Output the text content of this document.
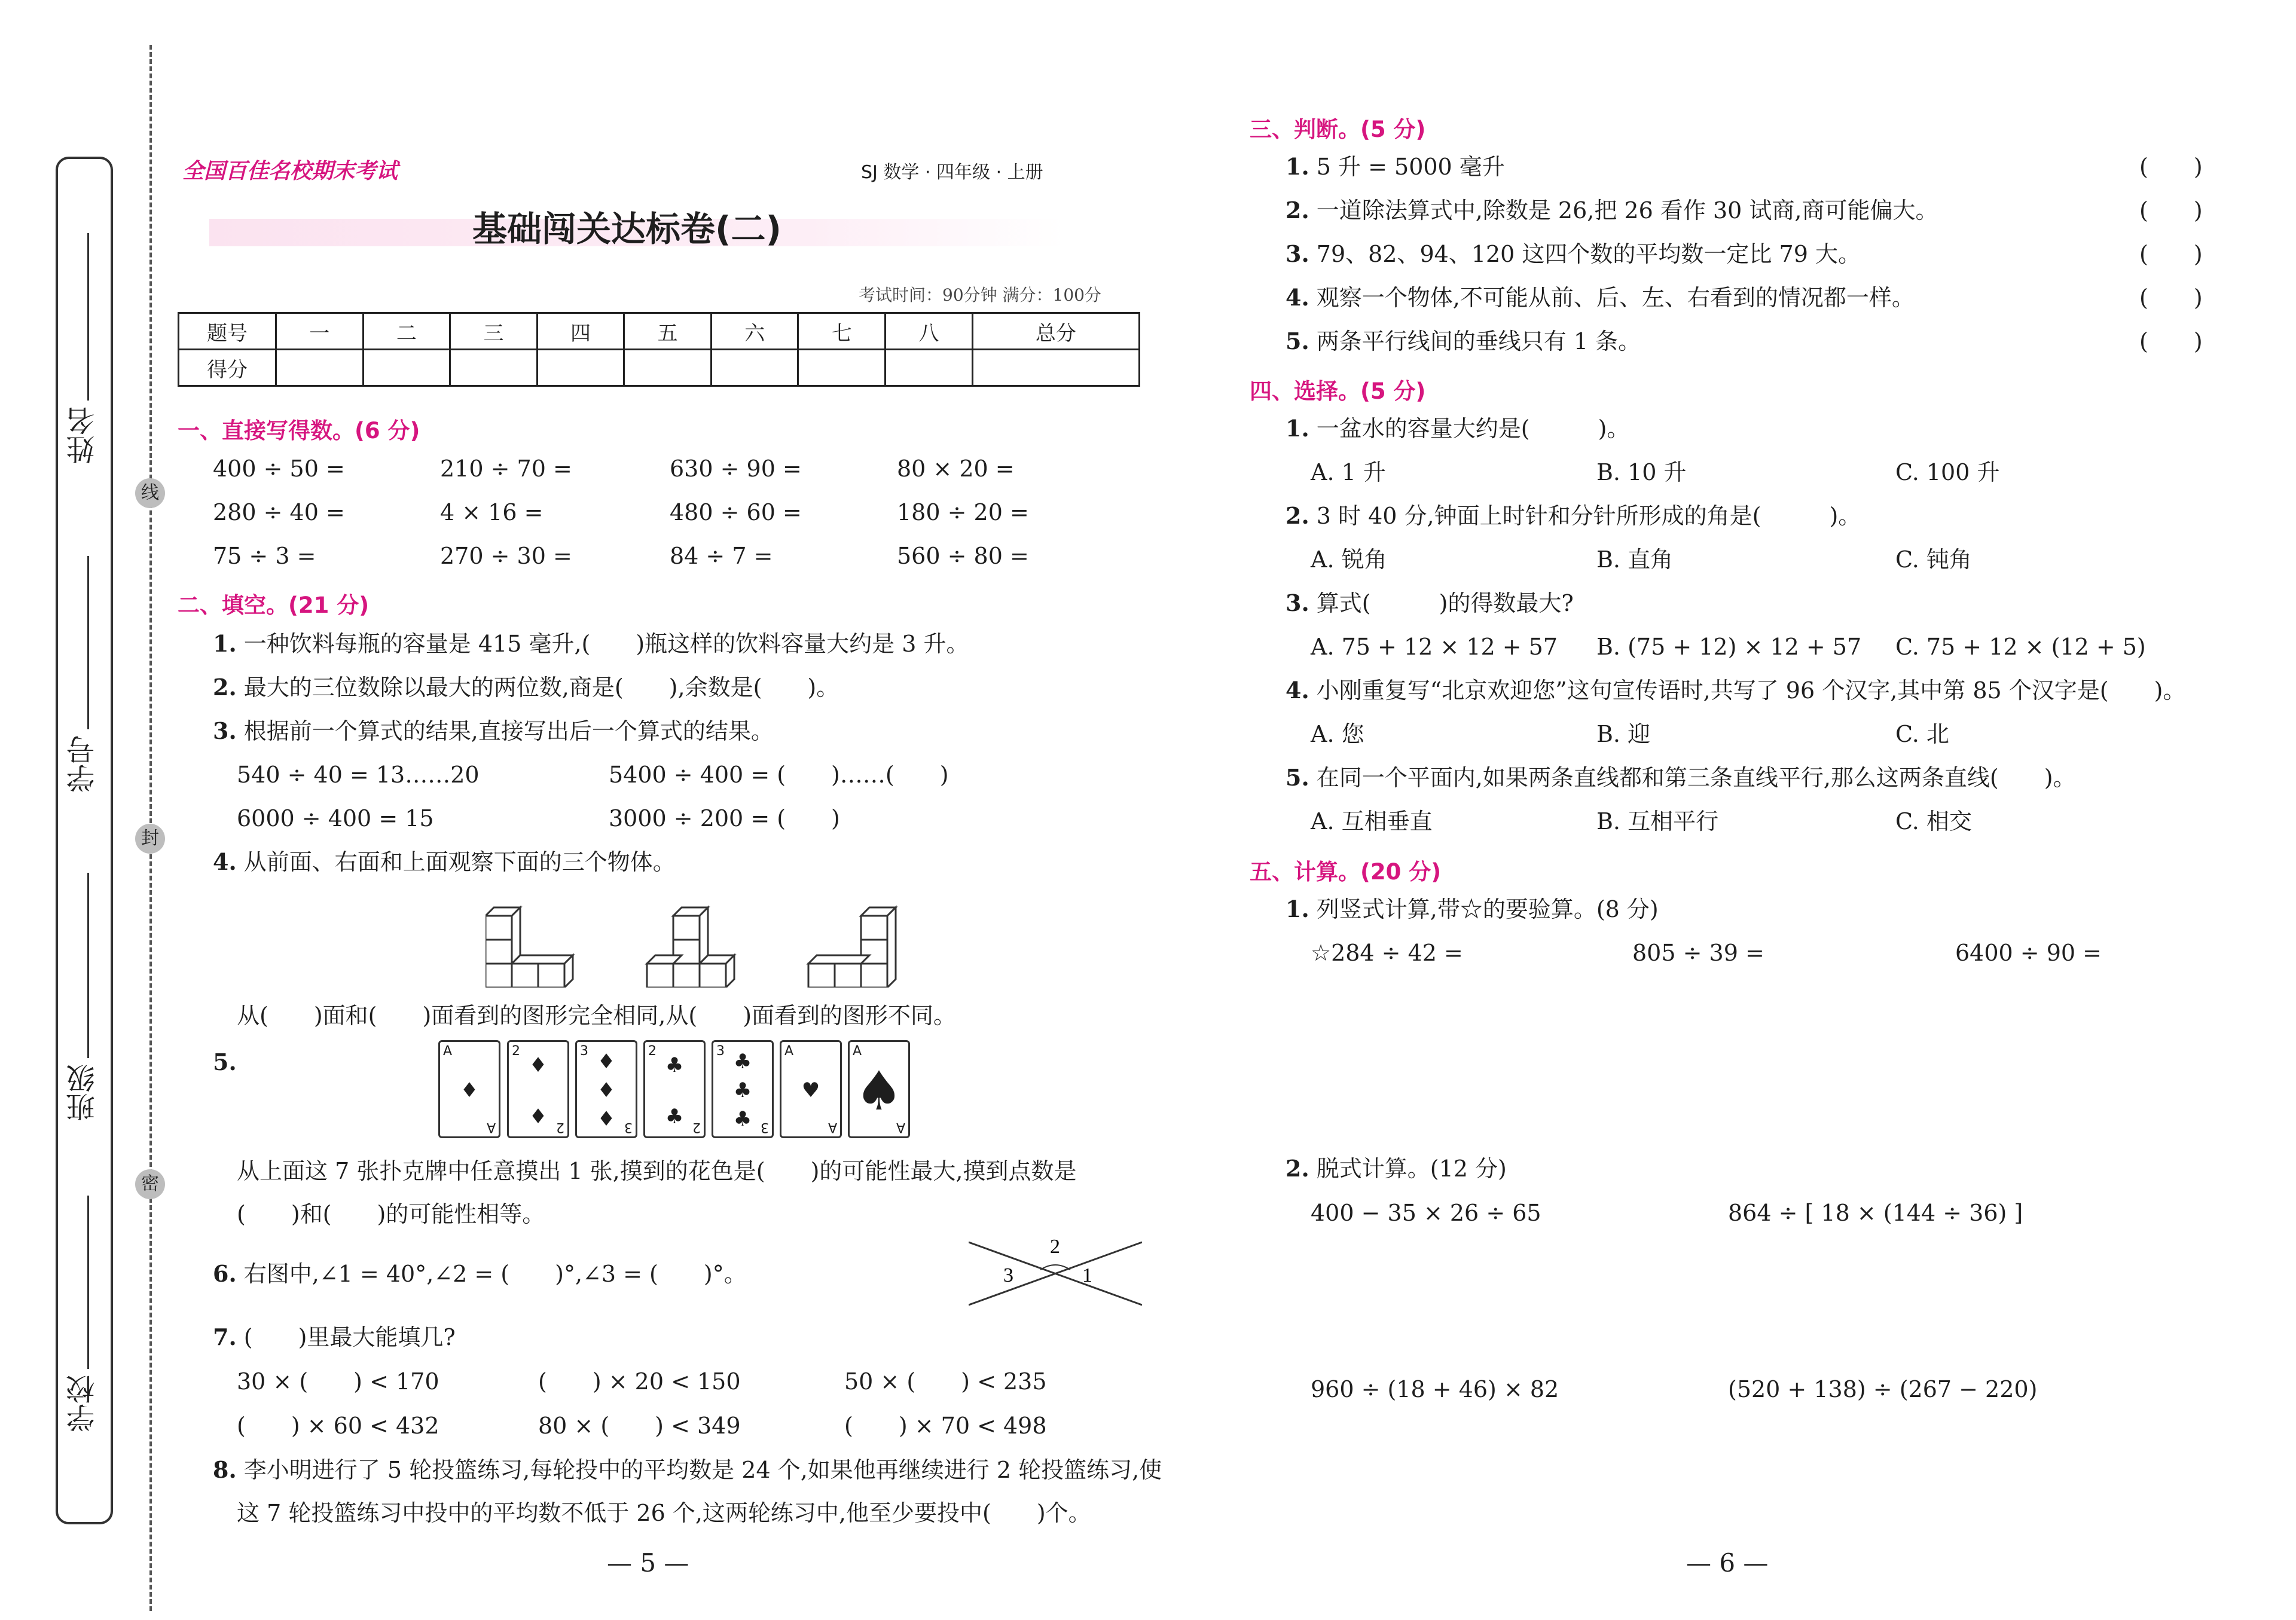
姓名
学号
班级
学校
线
封
密
全国百佳名校期末考试	SJ 数学 · 四年级 · 上册
基础闯关达标卷(二)
考试时间：90分钟 满分：100分
题号	一	二	三	四	五	六	七	八	总分
得分									
一、直接写得数。(6 分)
400 ÷ 50 =	210 ÷ 70 =	630 ÷ 90 =	80 × 20 =
280 ÷ 40 =	4 × 16 =	480 ÷ 60 =	180 ÷ 20 =
75 ÷ 3 =	270 ÷ 30 =	84 ÷ 7 =	560 ÷ 80 =
二、填空。(21 分)
1. 一种饮料每瓶的容量是 415 毫升,(　　)瓶这样的饮料容量大约是 3 升。
2. 最大的三位数除以最大的两位数,商是(　　),余数是(　　)。
3. 根据前一个算式的结果,直接写出后一个算式的结果。
540 ÷ 40 = 13……20	5400 ÷ 400 = (　　)……(　　)
6000 ÷ 400 = 15	3000 ÷ 200 = (　　)
4. 从前面、右面和上面观察下面的三个物体。
从(　　)面和(　　)面看到的图形完全相同,从(　　)面看到的图形不同。
5.	A
A
♦
2
2
♦
♦
3
3
♦
♦
♦
2
2
♣
♣
3
3
♣
♣
♣
A
A
♥
A
A
♠
从上面这 7 张扑克牌中任意摸出 1 张,摸到的花色是(　　)的可能性最大,摸到点数是
(　　)和(　　)的可能性相等。
6. 右图中,∠1 = 40°,∠2 = (　　)°,∠3 = (　　)°。
2
3	1
7. (　　)里最大能填几?
30 × (　　) < 170	(　　) × 20 < 150	50 × (　　) < 235
(　　) × 60 < 432	80 × (　　) < 349	(　　) × 70 < 498
8. 李小明进行了 5 轮投篮练习,每轮投中的平均数是 24 个,如果他再继续进行 2 轮投篮练习,使
这 7 轮投篮练习中投中的平均数不低于 26 个,这两轮练习中,他至少要投中(　　)个。
— 5 —
三、判断。(5 分)
1. 5 升 = 5000 毫升	(　　)
2. 一道除法算式中,除数是 26,把 26 看作 30 试商,商可能偏大。	(　　)
3. 79、82、94、120 这四个数的平均数一定比 79 大。	(　　)
4. 观察一个物体,不可能从前、后、左、右看到的情况都一样。	(　　)
5. 两条平行线间的垂线只有 1 条。	(　　)
四、选择。(5 分)
1. 一盆水的容量大约是(　　　)。
A. 1 升	B. 10 升	C. 100 升
2. 3 时 40 分,钟面上时针和分针所形成的角是(　　　)。
A. 锐角	B. 直角	C. 钝角
3. 算式(　　　)的得数最大?
A. 75 + 12 × 12 + 57 B. (75 + 12) × 12 + 57 C. 75 + 12 × (12 + 5)
4. 小刚重复写“北京欢迎您”这句宣传语时,共写了 96 个汉字,其中第 85 个汉字是(　　)。
A. 您	B. 迎	C. 北
5. 在同一个平面内,如果两条直线都和第三条直线平行,那么这两条直线(　　)。
A. 互相垂直	B. 互相平行	C. 相交
五、计算。(20 分)
1. 列竖式计算,带☆的要验算。(8 分)
☆284 ÷ 42 =	805 ÷ 39 =	6400 ÷ 90 =
2. 脱式计算。(12 分)
400 − 35 × 26 ÷ 65	864 ÷ [ 18 × (144 ÷ 36) ]
960 ÷ (18 + 46) × 82	(520 + 138) ÷ (267 − 220)
— 6 —
